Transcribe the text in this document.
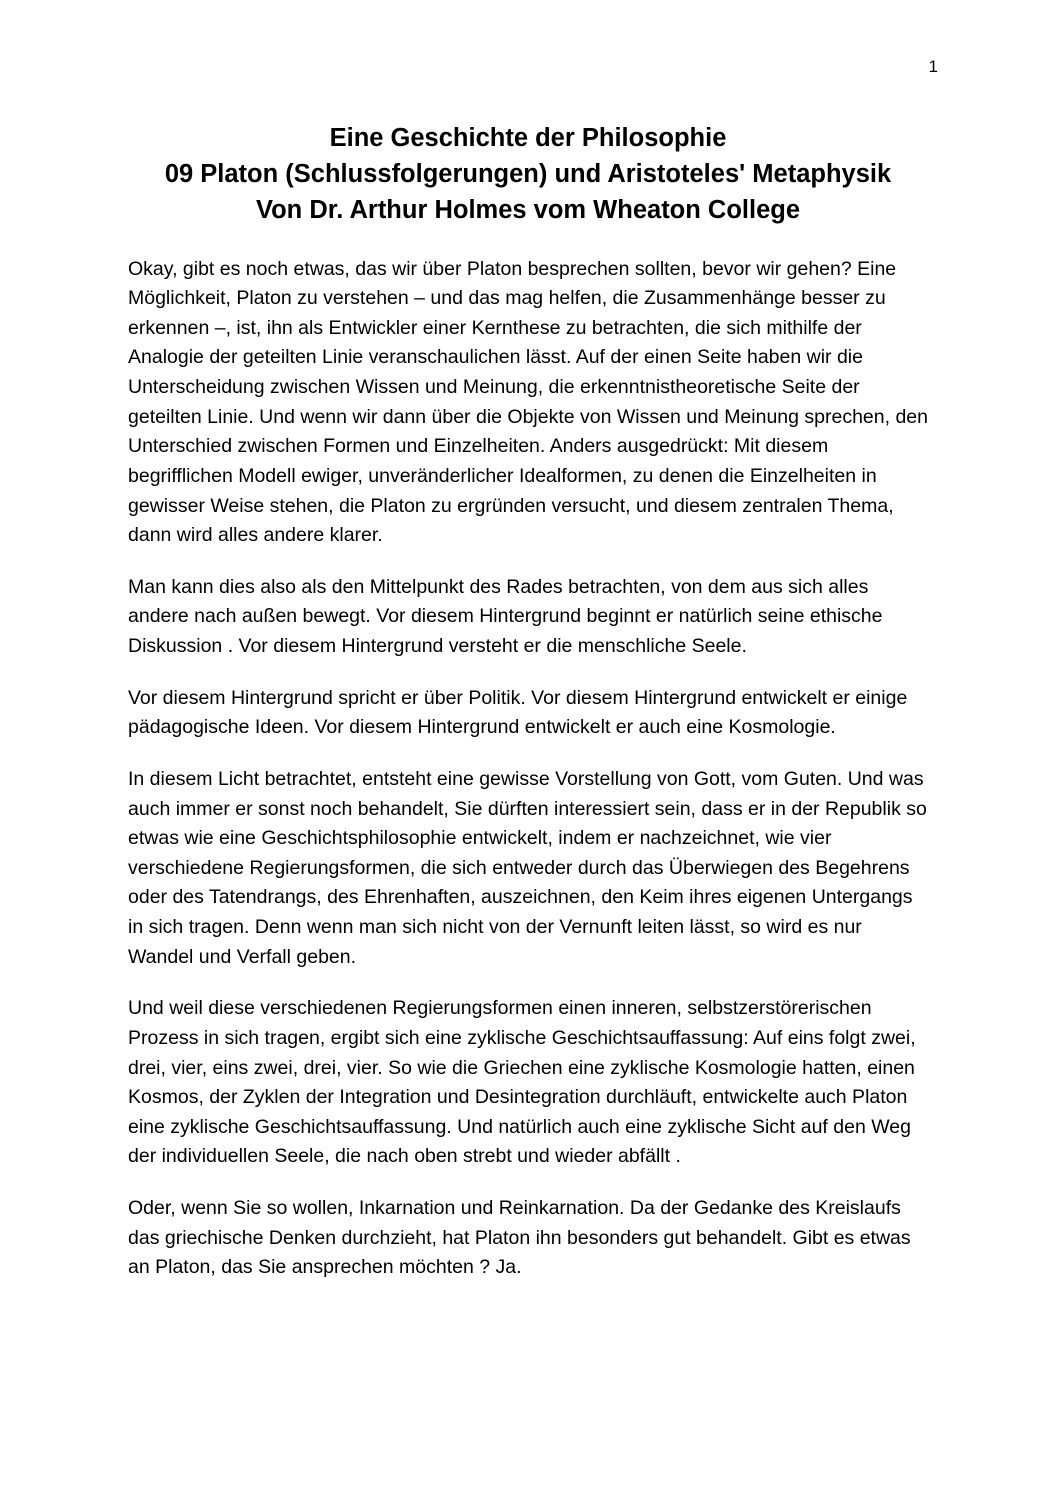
1
Eine Geschichte der Philosophie
09 Platon (Schlussfolgerungen) und Aristoteles' Metaphysik
Von Dr. Arthur Holmes vom Wheaton College

Okay, gibt es noch etwas, das wir über Platon besprechen sollten, bevor wir gehen? Eine Möglichkeit, Platon zu verstehen – und das mag helfen, die Zusammenhänge besser zu erkennen –, ist, ihn als Entwickler einer Kernthese zu betrachten, die sich mithilfe der Analogie der geteilten Linie veranschaulichen lässt. Auf der einen Seite haben wir die Unterscheidung zwischen Wissen und Meinung, die erkenntnistheoretische Seite der geteilten Linie. Und wenn wir dann über die Objekte von Wissen und Meinung sprechen, den Unterschied zwischen Formen und Einzelheiten. Anders ausgedrückt: Mit diesem begrifflichen Modell ewiger, unveränderlicher Idealformen, zu denen die Einzelheiten in gewisser Weise stehen, die Platon zu ergründen versucht, und diesem zentralen Thema, dann wird alles andere klarer.

Man kann dies also als den Mittelpunkt des Rades betrachten, von dem aus sich alles andere nach außen bewegt. Vor diesem Hintergrund beginnt er natürlich seine ethische Diskussion . Vor diesem Hintergrund versteht er die menschliche Seele.

Vor diesem Hintergrund spricht er über Politik. Vor diesem Hintergrund entwickelt er einige pädagogische Ideen. Vor diesem Hintergrund entwickelt er auch eine Kosmologie.

In diesem Licht betrachtet, entsteht eine gewisse Vorstellung von Gott, vom Guten. Und was auch immer er sonst noch behandelt, Sie dürften interessiert sein, dass er in der Republik so etwas wie eine Geschichtsphilosophie entwickelt, indem er nachzeichnet, wie vier verschiedene Regierungsformen, die sich entweder durch das Überwiegen des Begehrens oder des Tatendrangs, des Ehrenhaften, auszeichnen, den Keim ihres eigenen Untergangs in sich tragen. Denn wenn man sich nicht von der Vernunft leiten lässt, so wird es nur Wandel und Verfall geben.

Und weil diese verschiedenen Regierungsformen einen inneren, selbstzerstörerischen Prozess in sich tragen, ergibt sich eine zyklische Geschichtsauffassung: Auf eins folgt zwei, drei, vier, eins zwei, drei, vier. So wie die Griechen eine zyklische Kosmologie hatten, einen Kosmos, der Zyklen der Integration und Desintegration durchläuft, entwickelte auch Platon eine zyklische Geschichtsauffassung. Und natürlich auch eine zyklische Sicht auf den Weg der individuellen Seele, die nach oben strebt und wieder abfällt .

Oder, wenn Sie so wollen, Inkarnation und Reinkarnation. Da der Gedanke des Kreislaufs das griechische Denken durchzieht, hat Platon ihn besonders gut behandelt. Gibt es etwas an Platon, das Sie ansprechen möchten ? Ja.
